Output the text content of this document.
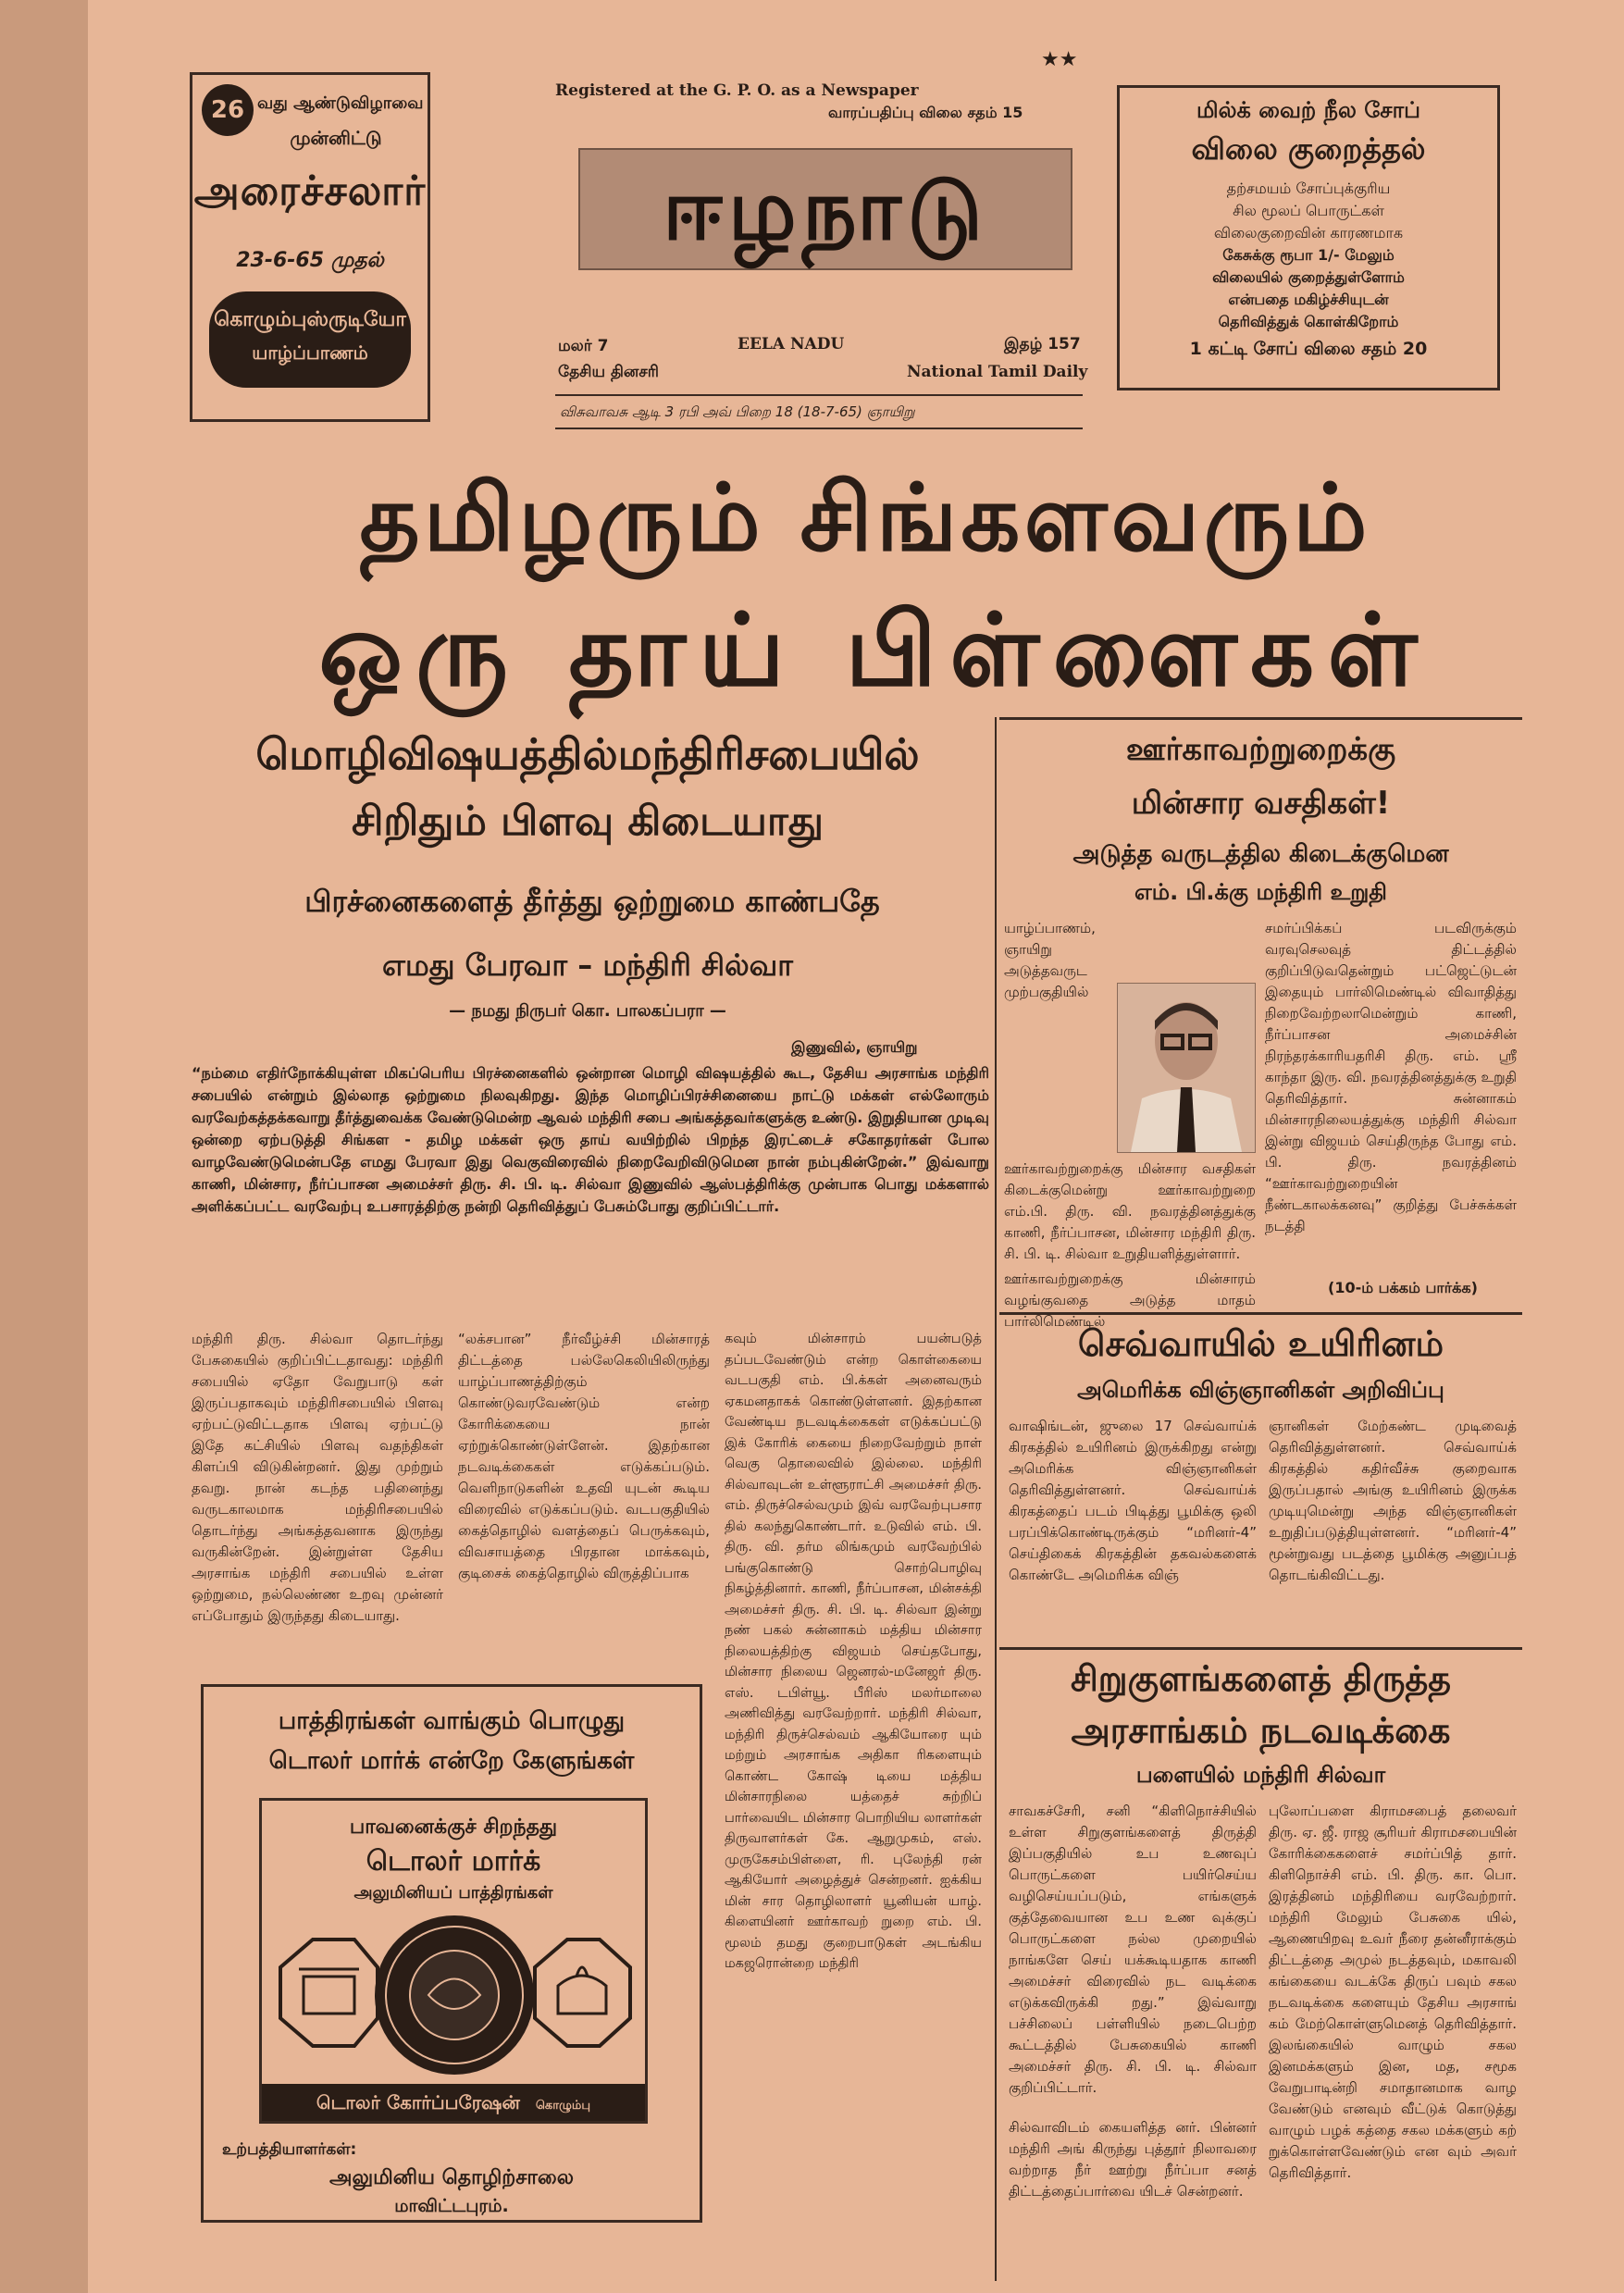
26 வது ஆண்டுவிழாவை
முன்னிட்டு
அரைச்சலார்
23-6-65 முதல்
கொழும்புஸ்ருடியோ
யாழ்ப்பாணம்
★★
Registered at the G. P. O. as a Newspaper
வாரப்பதிப்பு விலை சதம் 15
ஈழநாடு
மலர் 7	EELA NADU	இதழ் 157
தேசிய தினசரி	National Tamil Daily
விசுவாவசு ஆடி 3 ரபி அவ் பிறை 18 (18-7-65) ஞாயிறு
மில்க் வைற் நீல சோப்
விலை குறைத்தல்
தற்சமயம் சோப்புக்குரிய
சில மூலப் பொருட்கள்
விலைகுறைவின் காரணமாக
கேசுக்கு ரூபா 1/- மேலும்
விலையில் குறைத்துள்ளோம்
என்பதை மகிழ்ச்சியுடன்
தெரிவித்துக் கொள்கிறோம்
1 கட்டி சோப் விலை சதம் 20
தமிழரும் சிங்களவரும்
ஒரு தாய் பிள்ளைகள்
மொழிவிஷயத்தில்மந்திரிசபையில்
சிறிதும் பிளவு கிடையாது
பிரச்னைகளைத் தீர்த்து ஒற்றுமை காண்பதே
எமது பேரவா – மந்திரி சில்வா
— நமது நிருபர் கொ. பாலகப்பரா —
இணுவில், ஞாயிறு
“நம்மை எதிர்நோக்கியுள்ள மிகப்பெரிய பிரச்னைகளில் ஒன்றான மொழி விஷயத்தில் கூட, தேசிய அரசாங்க மந்திரி சபையில் என்றும் இல்லாத ஒற்றுமை நிலவுகிறது. இந்த மொழிப்பிரச்சினையை நாட்டு மக்கள் எல்லோரும் வரவேற்கத்தக்கவாறு தீர்த்துவைக்க வேண்டுமென்ற ஆவல் மந்திரி சபை அங்கத்தவர்களுக்கு உண்டு. இறுதியான முடிவு ஒன்றை ஏற்படுத்தி சிங்கள - தமிழ மக்கள் ஒரு தாய் வயிற்றில் பிறந்த இரட்டைச் சகோதரர்கள் போல வாழவேண்டுமென்பதே எமது பேரவா இது வெகுவிரைவில் நிறைவேறிவிடுமென நான் நம்புகின்றேன்.” இவ்வாறு காணி, மின்சார, நீர்ப்பாசன அமைச்சர் திரு. சி. பி. டி. சில்வா இணுவில் ஆஸ்பத்திரிக்கு முன்பாக பொது மக்களால் அளிக்கப்பட்ட வரவேற்பு உபசாரத்திற்கு நன்றி தெரிவித்துப் பேசும்போது குறிப்பிட்டார்.
மந்திரி திரு. சில்வா தொடர்ந்து பேசுகையில் குறிப்பிட்டதாவது: மந்திரி சபையில் ஏதோ வேறுபாடு கள் இருப்பதாகவும் மந்திரிசபையில் பிளவு ஏற்பட்டுவிட்டதாக பிளவு ஏற்பட்டு இதே கட்சியில் பிளவு வதந்திகள் கிளப்பி விடுகின்றனர். இது முற்றும் தவறு. நான் கடந்த பதினைந்து வருடகாலமாக மந்திரிசபையில் தொடர்ந்து அங்கத்தவனாக இருந்து வருகின்றேன். இன்றுள்ள தேசிய அரசாங்க மந்திரி சபையில் உள்ள ஒற்றுமை, நல்லெண்ண உறவு முன்னர் எப்போதும் இருந்தது கிடையாது.
“லக்சபான” நீர்வீழ்ச்சி மின்சாரத் திட்டத்தை பல்லேகெலியிலிருந்து யாழ்ப்பாணத்திற்கும் கொண்டுவரவேண்டும் என்ற கோரிக்கையை நான் ஏற்றுக்கொண்டுள்ளேன். இதற்கான நடவடிக்கைகள் எடுக்கப்படும். வெளிநாடுகளின் உதவி யுடன் கூடிய விரைவில் எடுக்கப்படும். வடபகுதியில் கைத்தொழில் வளத்தைப் பெருக்கவும், விவசாயத்தை பிரதான மாக்கவும், குடிசைக் கைத்தொழில் விருத்திப்பாக
கவும் மின்சாரம் பயன்படுத் தப்படவேண்டும் என்ற கொள்கையை வடபகுதி எம். பி.க்கள் அனைவரும் ஏகமனதாகக் கொண்டுள்ளனர். இதற்கான வேண்டிய நடவடிக்கைகள் எடுக்கப்பட்டு இக் கோரிக் கையை நிறைவேற்றும் நாள் வெகு தொலைவில் இல்லை. மந்திரி சில்வாவுடன் உள்ளூராட்சி அமைச்சர் திரு. எம். திருச்செல்வமும் இவ் வரவேற்புபசார தில் கலந்துகொண்டார். உடுவில் எம். பி. திரு. வி. தர்ம லிங்கமும் வரவேற்பில் பங்குகொண்டு சொற்பொழிவு நிகழ்த்தினார். காணி, நீர்ப்பாசன, மின்சக்தி அமைச்சர் திரு. சி. பி. டி. சில்வா இன்று நண் பகல் சுன்னாகம் மத்திய மின்சார நிலையத்திற்கு விஜயம் செய்தபோது, மின்சார நிலைய ஜெனரல்-மனேஜர் திரு. எஸ். டபிள்யூ. பீரிஸ் மலர்மாலை அணிவித்து வரவேற்றார். மந்திரி சில்வா, மந்திரி திருச்செல்வம் ஆகியோரை யும் மற்றும் அரசாங்க அதிகா ரிகளையும் கொண்ட கோஷ் டியை மத்திய மின்சாரநிலை யத்தைச் சுற்றிப் பார்வையிட மின்சார பொறியிய லாளர்கள் திருவாளர்கள் கே. ஆறுமுகம், எஸ். முருகேசம்பிள்ளை, ரி. புலேந்தி ரன் ஆகியோர் அழைத்துச் சென்றனர். ஐக்கிய மின் சார தொழிலாளர் யூனியன் யாழ். கிளையினர் ஊர்காவற் றுறை எம். பி. மூலம் தமது குறைபாடுகள் அடங்கிய மகஜரொன்றை மந்திரி
பாத்திரங்கள் வாங்கும் பொழுது
டொலர் மார்க் என்றே கேளுங்கள்
பாவனைக்குச் சிறந்தது
டொலர் மார்க்
அலுமினியப் பாத்திரங்கள்
டொலர் கோர்ப்பரேஷன் கொழும்பு
உற்பத்தியாளர்கள்:
அலுமினிய தொழிற்சாலை
மாவிட்டபுரம்.
ஊர்காவற்றுறைக்கு
மின்சார வசதிகள்!
அடுத்த வருடத்தில கிடைக்குமென
எம். பி.க்கு மந்திரி உறுதி
யாழ்ப்பாணம், ஞாயிறு அடுத்தவருட முற்பகுதியில் ஊர்காவற்றுறைக்கு மின்சார வசதிகள் கிடைக்குமென்று ஊர்காவற்றுறை எம்.பி. திரு. வி. நவரத்தினத்துக்கு காணி, நீர்ப்பாசன, மின்சார மந்திரி திரு. சி. பி. டி. சில்வா உறுதியளித்துள்ளார்.
ஊர்காவற்றுறைக்கு மின்சாரம் வழங்குவதை அடுத்த மாதம் பார்லிமெண்டில்
சமர்ப்பிக்கப் படவிருக்கும் வரவுசெலவுத் திட்டத்தில் குறிப்பிடுவதென்றும் பட்ஜெட்டுடன் இதையும் பார்லிமெண்டில் விவாதித்து நிறைவேற்றலாமென்றும் காணி, நீர்ப்பாசன அமைச்சின் நிரந்தரக்காரியதரிசி திரு. எம். ஸ்ரீ காந்தா இரு. வி. நவரத்தினத்துக்கு உறுதி தெரிவித்தார். சுன்னாகம் மின்சாரநிலையத்துக்கு மந்திரி சில்வா இன்று விஜயம் செய்திருந்த போது எம். பி. திரு. நவரத்தினம் “ஊர்காவற்றுறையின் நீண்டகாலக்கனவு” குறித்து பேச்சுக்கள் நடத்தி
(10-ம் பக்கம் பார்க்க)
செவ்வாயில் உயிரினம்
அமெரிக்க விஞ்ஞானிகள் அறிவிப்பு
வாஷிங்டன், ஜுலை 17 செவ்வாய்க் கிரகத்தில் உயிரினம் இருக்கிறது என்று அமெரிக்க விஞ்ஞானிகள் தெரிவித்துள்ளனர். செவ்வாய்க் கிரகத்தைப் படம் பிடித்து பூமிக்கு ஒலி பரப்பிக்கொண்டிருக்கும் “மரினர்-4” செய்திகைக் கிரகத்தின் தகவல்களைக் கொண்டே அமெரிக்க விஞ்
ஞானிகள் மேற்கண்ட முடிவைத் தெரிவித்துள்ளனர். செவ்வாய்க் கிரகத்தில் கதிர்வீச்சு குறைவாக இருப்பதால் அங்கு உயிரினம் இருக்க முடியுமென்று அந்த விஞ்ஞானிகள் உறுதிப்படுத்தியுள்ளனர். “மரினர்-4” மூன்றுவது படத்தை பூமிக்கு அனுப்பத் தொடங்கிவிட்டது.
சிறுகுளங்களைத் திருத்த
அரசாங்கம் நடவடிக்கை
பளையில் மந்திரி சில்வா
சாவகச்சேரி, சனி “கிளிநொச்சியில் உள்ள சிறுகுளங்களைத் திருத்தி இப்பகுதியில் உப உணவுப் பொருட்களை பயிர்செய்ய வழிசெய்யப்படும், எங்களுக் குத்தேவையான உப உண வுக்குப் பொருட்களை நல்ல முறையில் நாங்களே செய் யக்கூடியதாக காணி அமைச்சர் விரைவில் நட வடிக்கை எடுக்கவிருக்கி றது.” இவ்வாறு பச்சிலைப் பள்ளியில் நடைபெற்ற கூட்டத்தில் பேசுகையில் காணி அமைச்சர் திரு. சி. பி. டி. சில்வா குறிப்பிட்டார்.
சில்வாவிடம் கையளித்த னர். பின்னர் மந்திரி அங் கிருந்து புத்தூர் நிலாவரை வற்றாத நீர் ஊற்று நீர்ப்பா சனத் திட்டத்தைப்பார்வை யிடச் சென்றனர்.
புலோப்பளை கிராமசபைத் தலைவர் திரு. ஏ. ஜீ. ராஜ சூரியர் கிராமசபையின் கோரிக்கைகளைச் சமர்ப்பித் தார். கிளிநொச்சி எம். பி. திரு. கா. பொ. இரத்தினம் மந்திரியை வரவேற்றார். மந்திரி மேலும் பேசுகை யில், ஆணையிறவு உவர் நீரை தன்னீராக்கும் திட்டத்தை அமுல் நடத்தவும், மகாவலி கங்கையை வடக்கே திருப் பவும் சகல நடவடிக்கை களையும் தேசிய அரசாங் கம் மேற்கொள்ளுமெனத் தெரிவித்தார். இலங்கையில் வாழும் சகல இனமக்களும் இன, மத, சமூக வேறுபாடின்றி சமாதானமாக வாழ வேண்டும் எனவும் வீட்டுக் கொடுத்து வாழும் பழக் கத்தை சகல மக்களும் கற் றுக்கொள்ளவேண்டும் என வும் அவர் தெரிவித்தார்.
